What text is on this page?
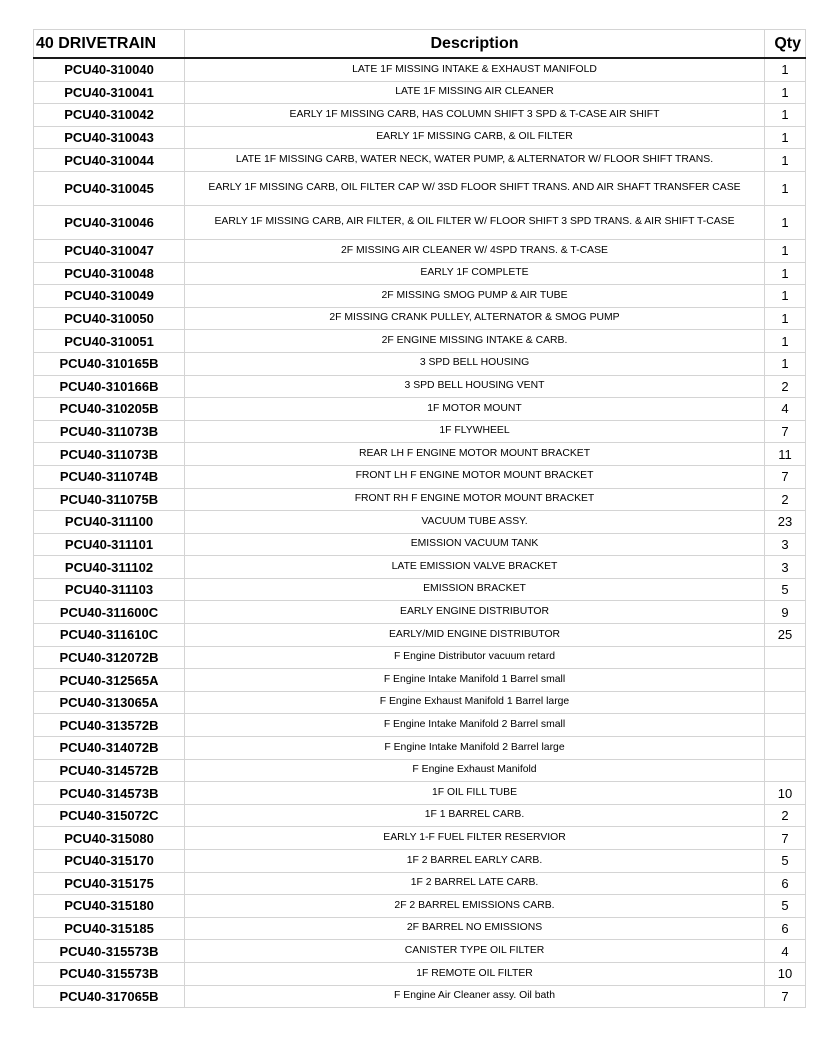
40 DRIVETRAIN	Description	Qty
PCU40-310040	LATE 1F MISSING INTAKE & EXHAUST MANIFOLD	1
PCU40-310041	LATE 1F MISSING AIR CLEANER	1
PCU40-310042	EARLY 1F MISSING CARB, HAS COLUMN SHIFT 3 SPD & T-CASE AIR SHIFT	1
PCU40-310043	EARLY 1F MISSING CARB, & OIL FILTER	1
PCU40-310044	LATE 1F MISSING CARB, WATER NECK, WATER PUMP, & ALTERNATOR W/ FLOOR SHIFT TRANS.	1
PCU40-310045	EARLY 1F MISSING CARB, OIL FILTER CAP W/ 3SD FLOOR SHIFT TRANS. AND AIR SHAFT TRANSFER CASE	1
PCU40-310046	EARLY 1F MISSING CARB, AIR FILTER, & OIL FILTER W/ FLOOR SHIFT 3 SPD TRANS. & AIR SHIFT T-CASE	1
PCU40-310047	2F MISSING AIR CLEANER W/ 4SPD TRANS. & T-CASE	1
PCU40-310048	EARLY 1F COMPLETE	1
PCU40-310049	2F MISSING SMOG PUMP & AIR TUBE	1
PCU40-310050	2F MISSING CRANK PULLEY, ALTERNATOR & SMOG PUMP	1
PCU40-310051	2F ENGINE MISSING INTAKE & CARB.	1
PCU40-310165B	3 SPD BELL HOUSING	1
PCU40-310166B	3 SPD BELL HOUSING VENT	2
PCU40-310205B	1F MOTOR MOUNT	4
PCU40-311073B	1F FLYWHEEL	7
PCU40-311073B	REAR LH F ENGINE MOTOR MOUNT BRACKET	11
PCU40-311074B	FRONT LH F ENGINE MOTOR MOUNT BRACKET	7
PCU40-311075B	FRONT RH F ENGINE MOTOR MOUNT BRACKET	2
PCU40-311100	VACUUM TUBE ASSY.	23
PCU40-311101	EMISSION VACUUM TANK	3
PCU40-311102	LATE EMISSION VALVE BRACKET	3
PCU40-311103	EMISSION BRACKET	5
PCU40-311600C	EARLY ENGINE DISTRIBUTOR	9
PCU40-311610C	EARLY/MID ENGINE DISTRIBUTOR	25
PCU40-312072B	F Engine Distributor vacuum retard	
PCU40-312565A	F Engine Intake Manifold 1 Barrel small	
PCU40-313065A	F Engine Exhaust Manifold 1 Barrel large	
PCU40-313572B	F Engine Intake Manifold 2 Barrel small	
PCU40-314072B	F Engine Intake Manifold 2 Barrel large	
PCU40-314572B	F Engine Exhaust Manifold	
PCU40-314573B	1F OIL FILL TUBE	10
PCU40-315072C	1F 1 BARREL CARB.	2
PCU40-315080	EARLY 1-F FUEL FILTER RESERVIOR	7
PCU40-315170	1F 2 BARREL EARLY CARB.	5
PCU40-315175	1F 2 BARREL LATE CARB.	6
PCU40-315180	2F 2 BARREL EMISSIONS CARB.	5
PCU40-315185	2F BARREL NO EMISSIONS	6
PCU40-315573B	CANISTER TYPE OIL FILTER	4
PCU40-315573B	1F REMOTE OIL FILTER	10
PCU40-317065B	F Engine Air Cleaner assy. Oil bath	7
